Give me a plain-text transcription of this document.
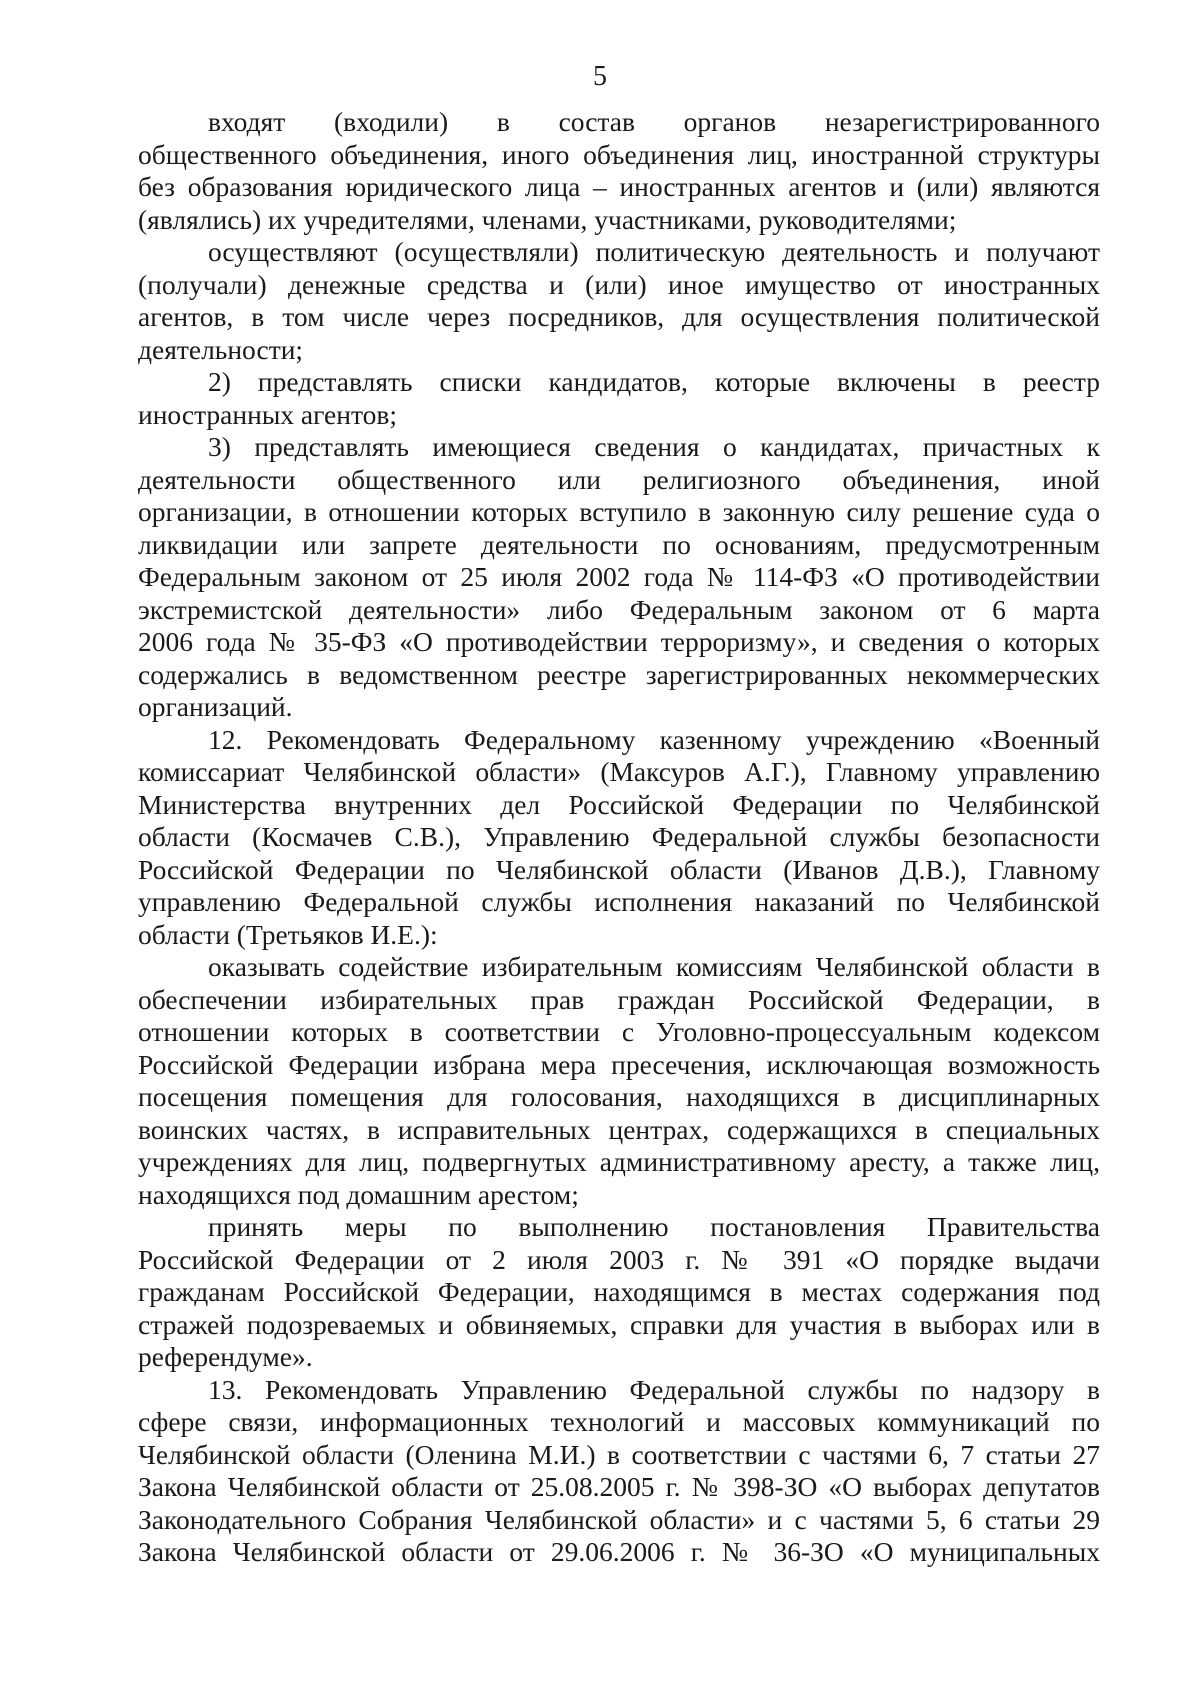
5
входят (входили) в состав органов незарегистрированного
общественного объединения, иного объединения лиц, иностранной структуры
без образования юридического лица – иностранных агентов и (или) являются
(являлись) их учредителями, членами, участниками, руководителями;
осуществляют (осуществляли) политическую деятельность и получают
(получали) денежные средства и (или) иное имущество от иностранных
агентов, в том числе через посредников, для осуществления политической
деятельности;
2) представлять списки кандидатов, которые включены в реестр
иностранных агентов;
3) представлять имеющиеся сведения о кандидатах, причастных к
деятельности общественного или религиозного объединения, иной
организации, в отношении которых вступило в законную силу решение суда о
ликвидации или запрете деятельности по основаниям, предусмотренным
Федеральным законом от 25 июля 2002 года № 114-ФЗ «О противодействии
экстремистской деятельности» либо Федеральным законом от 6 марта
2006 года № 35-ФЗ «О противодействии терроризму», и сведения о которых
содержались в ведомственном реестре зарегистрированных некоммерческих
организаций.
12. Рекомендовать Федеральному казенному учреждению «Военный
комиссариат Челябинской области» (Максуров А.Г.), Главному управлению
Министерства внутренних дел Российской Федерации по Челябинской
области (Космачев С.В.), Управлению Федеральной службы безопасности
Российской Федерации по Челябинской области (Иванов Д.В.), Главному
управлению Федеральной службы исполнения наказаний по Челябинской
области (Третьяков И.Е.):
оказывать содействие избирательным комиссиям Челябинской области в
обеспечении избирательных прав граждан Российской Федерации, в
отношении которых в соответствии с Уголовно-процессуальным кодексом
Российской Федерации избрана мера пресечения, исключающая возможность
посещения помещения для голосования, находящихся в дисциплинарных
воинских частях, в исправительных центрах, содержащихся в специальных
учреждениях для лиц, подвергнутых административному аресту, а также лиц,
находящихся под домашним арестом;
принять меры по выполнению постановления Правительства
Российской Федерации от 2 июля 2003 г. № 391 «О порядке выдачи
гражданам Российской Федерации, находящимся в местах содержания под
стражей подозреваемых и обвиняемых, справки для участия в выборах или в
референдуме».
13. Рекомендовать Управлению Федеральной службы по надзору в
сфере связи, информационных технологий и массовых коммуникаций по
Челябинской области (Оленина М.И.) в соответствии с частями 6, 7 статьи 27
Закона Челябинской области от 25.08.2005 г. № 398-ЗО «О выборах депутатов
Законодательного Собрания Челябинской области» и с частями 5, 6 статьи 29
Закона Челябинской области от 29.06.2006 г. № 36-ЗО «О муниципальных
